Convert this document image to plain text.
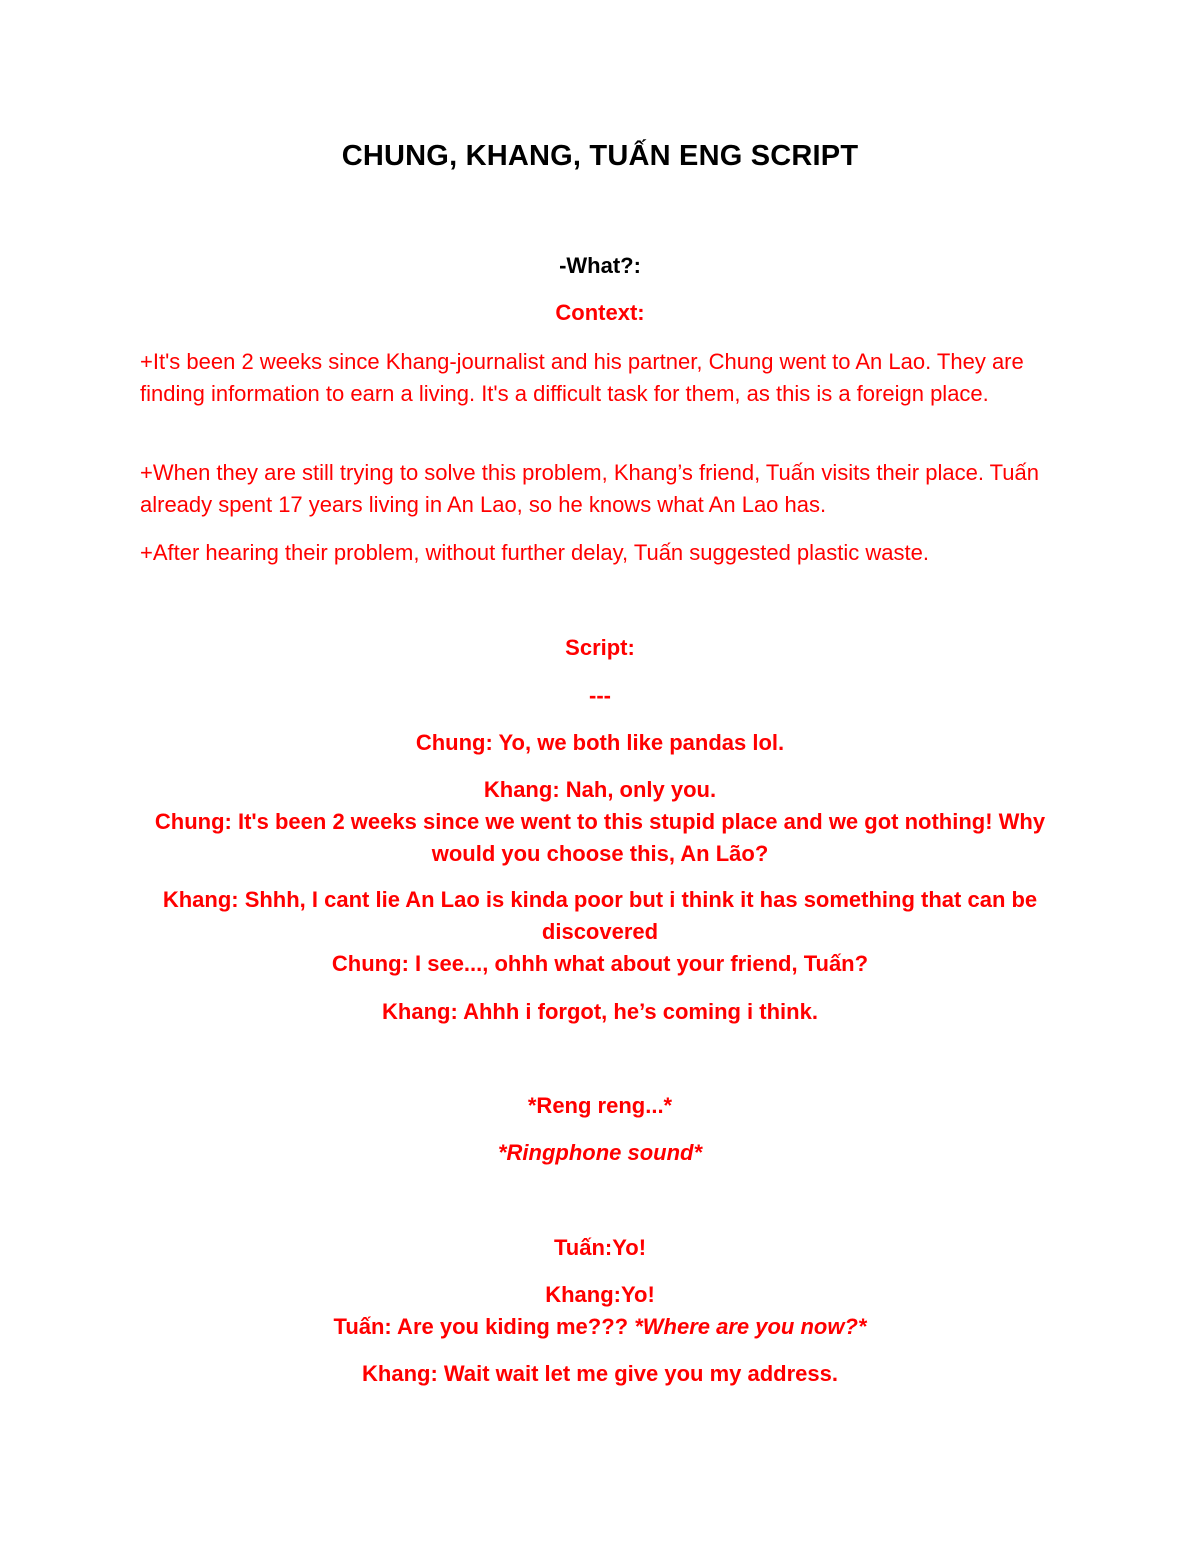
CHUNG, KHANG, TUẤN ENG SCRIPT
-What?:
Context:
+It's been 2 weeks since Khang-journalist and his partner, Chung went to An Lao. They are finding information to earn a living. It's a difficult task for them, as this is a foreign place.
+When they are still trying to solve this problem, Khang’s friend, Tuấn visits their place. Tuấn already spent 17 years living in An Lao, so he knows what An Lao has.
+After hearing their problem, without further delay, Tuấn suggested plastic waste.
Script:
---
Chung: Yo, we both like pandas lol.
Khang: Nah, only you.
Chung: It's been 2 weeks since we went to this stupid place and we got nothing! Why would you choose this, An Lão?
Khang: Shhh, I cant lie An Lao is kinda poor but i think it has something that can be discovered
Chung: I see..., ohhh what about your friend, Tuấn?
Khang: Ahhh i forgot, he’s coming i think.
*Reng reng...*
*Ringphone sound*
Tuấn:Yo!
Khang:Yo!
Tuấn: Are you kiding me??? *Where are you now?*
Khang: Wait wait let me give you my address.
